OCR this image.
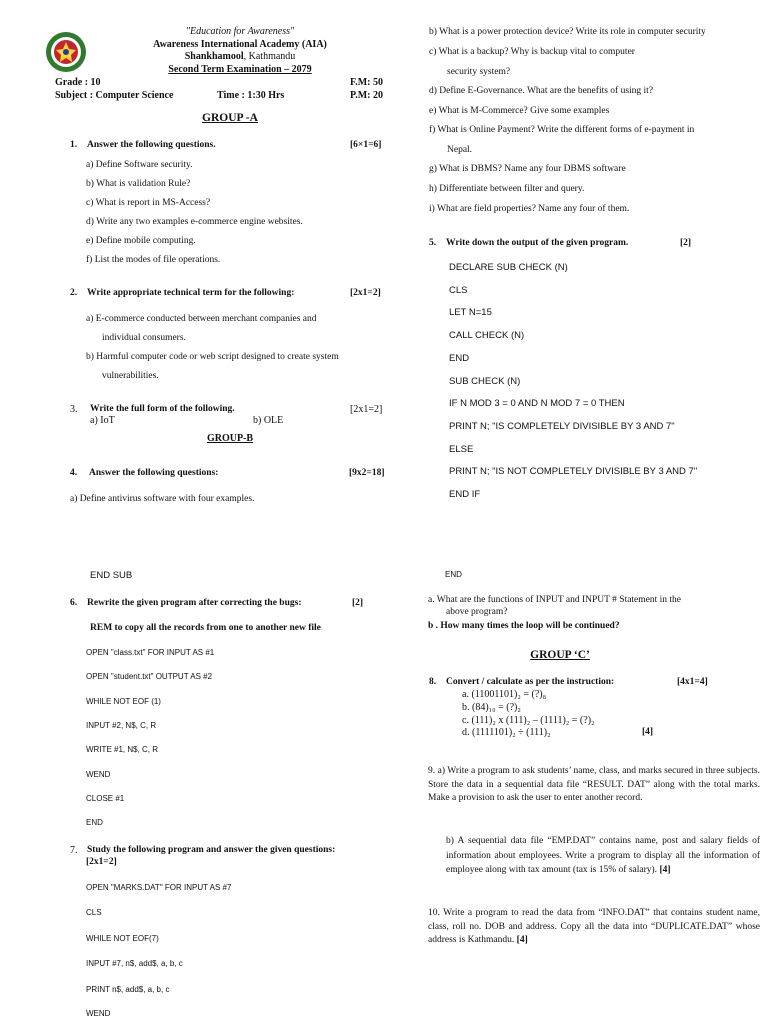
"Education for Awareness"
Awareness International Academy (AIA)
Shankhamool, Kathmandu
Second Term Examination – 2079
Grade : 10	F.M: 50
Subject : Computer Science	Time : 1:30 Hrs	P.M: 20
GROUP -A
1. Answer the following questions.	[6×1=6]
a) Define Software security.
b) What is validation Rule?
c) What is report in MS-Access?
d) Write any two examples e-commerce engine websites.
e) Define mobile computing.
f) List the modes of file operations.
2. Write appropriate technical term for the following:	[2x1=2]
a) E-commerce conducted between merchant companies and
individual consumers.
b) Harmful computer code or web script designed to create system
vulnerabilities.
3. Write the full form of the following.	[2x1=2]
a) IoT	b) OLE
GROUP-B
4. Answer the following questions:	[9x2=18]
a) Define antivirus software with four examples.
END SUB
6. Rewrite the given program after correcting the bugs:	[2]
REM to copy all the records from one to another new file
OPEN "class.txt" FOR INPUT AS #1
OPEN "student.txt" OUTPUT AS #2
WHILE NOT EOF (1)
INPUT #2, N$, C, R
WRITE #1, N$, C, R
WEND
CLOSE #1
END
7. Study the following program and answer the given questions:
[2x1=2]
OPEN "MARKS.DAT" FOR INPUT AS #7
CLS
WHILE NOT EOF(7)
INPUT #7, n$, add$, a, b, c
PRINT n$, add$, a, b, c
WEND
b) What is a power protection device? Write its role in computer security
c) What is a backup? Why is backup vital to computer
security system?
d) Define E-Governance. What are the benefits of using it?
e) What is M-Commerce? Give some examples
f) What is Online Payment? Write the different forms of e-payment in
Nepal.
g) What is DBMS? Name any four DBMS software
h) Differentiate between filter and query.
i) What are field properties? Name any four of them.
5. Write down the output of the given program.	[2]
DECLARE SUB CHECK (N)
CLS
LET N=15
CALL CHECK (N)
END
SUB CHECK (N)
IF N MOD 3 = 0 AND N MOD 7 = 0 THEN
PRINT N; "IS COMPLETELY DIVISIBLE BY 3 AND 7"
ELSE
PRINT N; "IS NOT COMPLETELY DIVISIBLE BY 3 AND 7"
END IF
END
a. What are the functions of INPUT and INPUT # Statement in the
above program?
b . How many times the loop will be continued?
GROUP ‘C’
8. Convert / calculate as per the instruction:	[4x1=4]
a. (11001101)₂ = (?)₈
b. (84)₁₀ = (?)₂
c. (111)₂ x (111)₂ – (1111)₂ = (?)₂
d. (1111101)₂ ÷ (111)₂	[4]
9. a) Write a program to ask students’ name, class, and marks secured in three subjects. Store the data in a sequential data file “RESULT. DAT” along with the total marks. Make a provision to ask the user to enter another record.
b) A sequential data file “EMP.DAT” contains name, post and salary fields of information about employees. Write a program to display all the information of employee along with tax amount (tax is 15% of salary). [4]
10. Write a program to read the data from “INFO.DAT” that contains student name, class, roll no. DOB and address. Copy all the data into “DUPLICATE.DAT” whose address is Kathmandu. [4]
